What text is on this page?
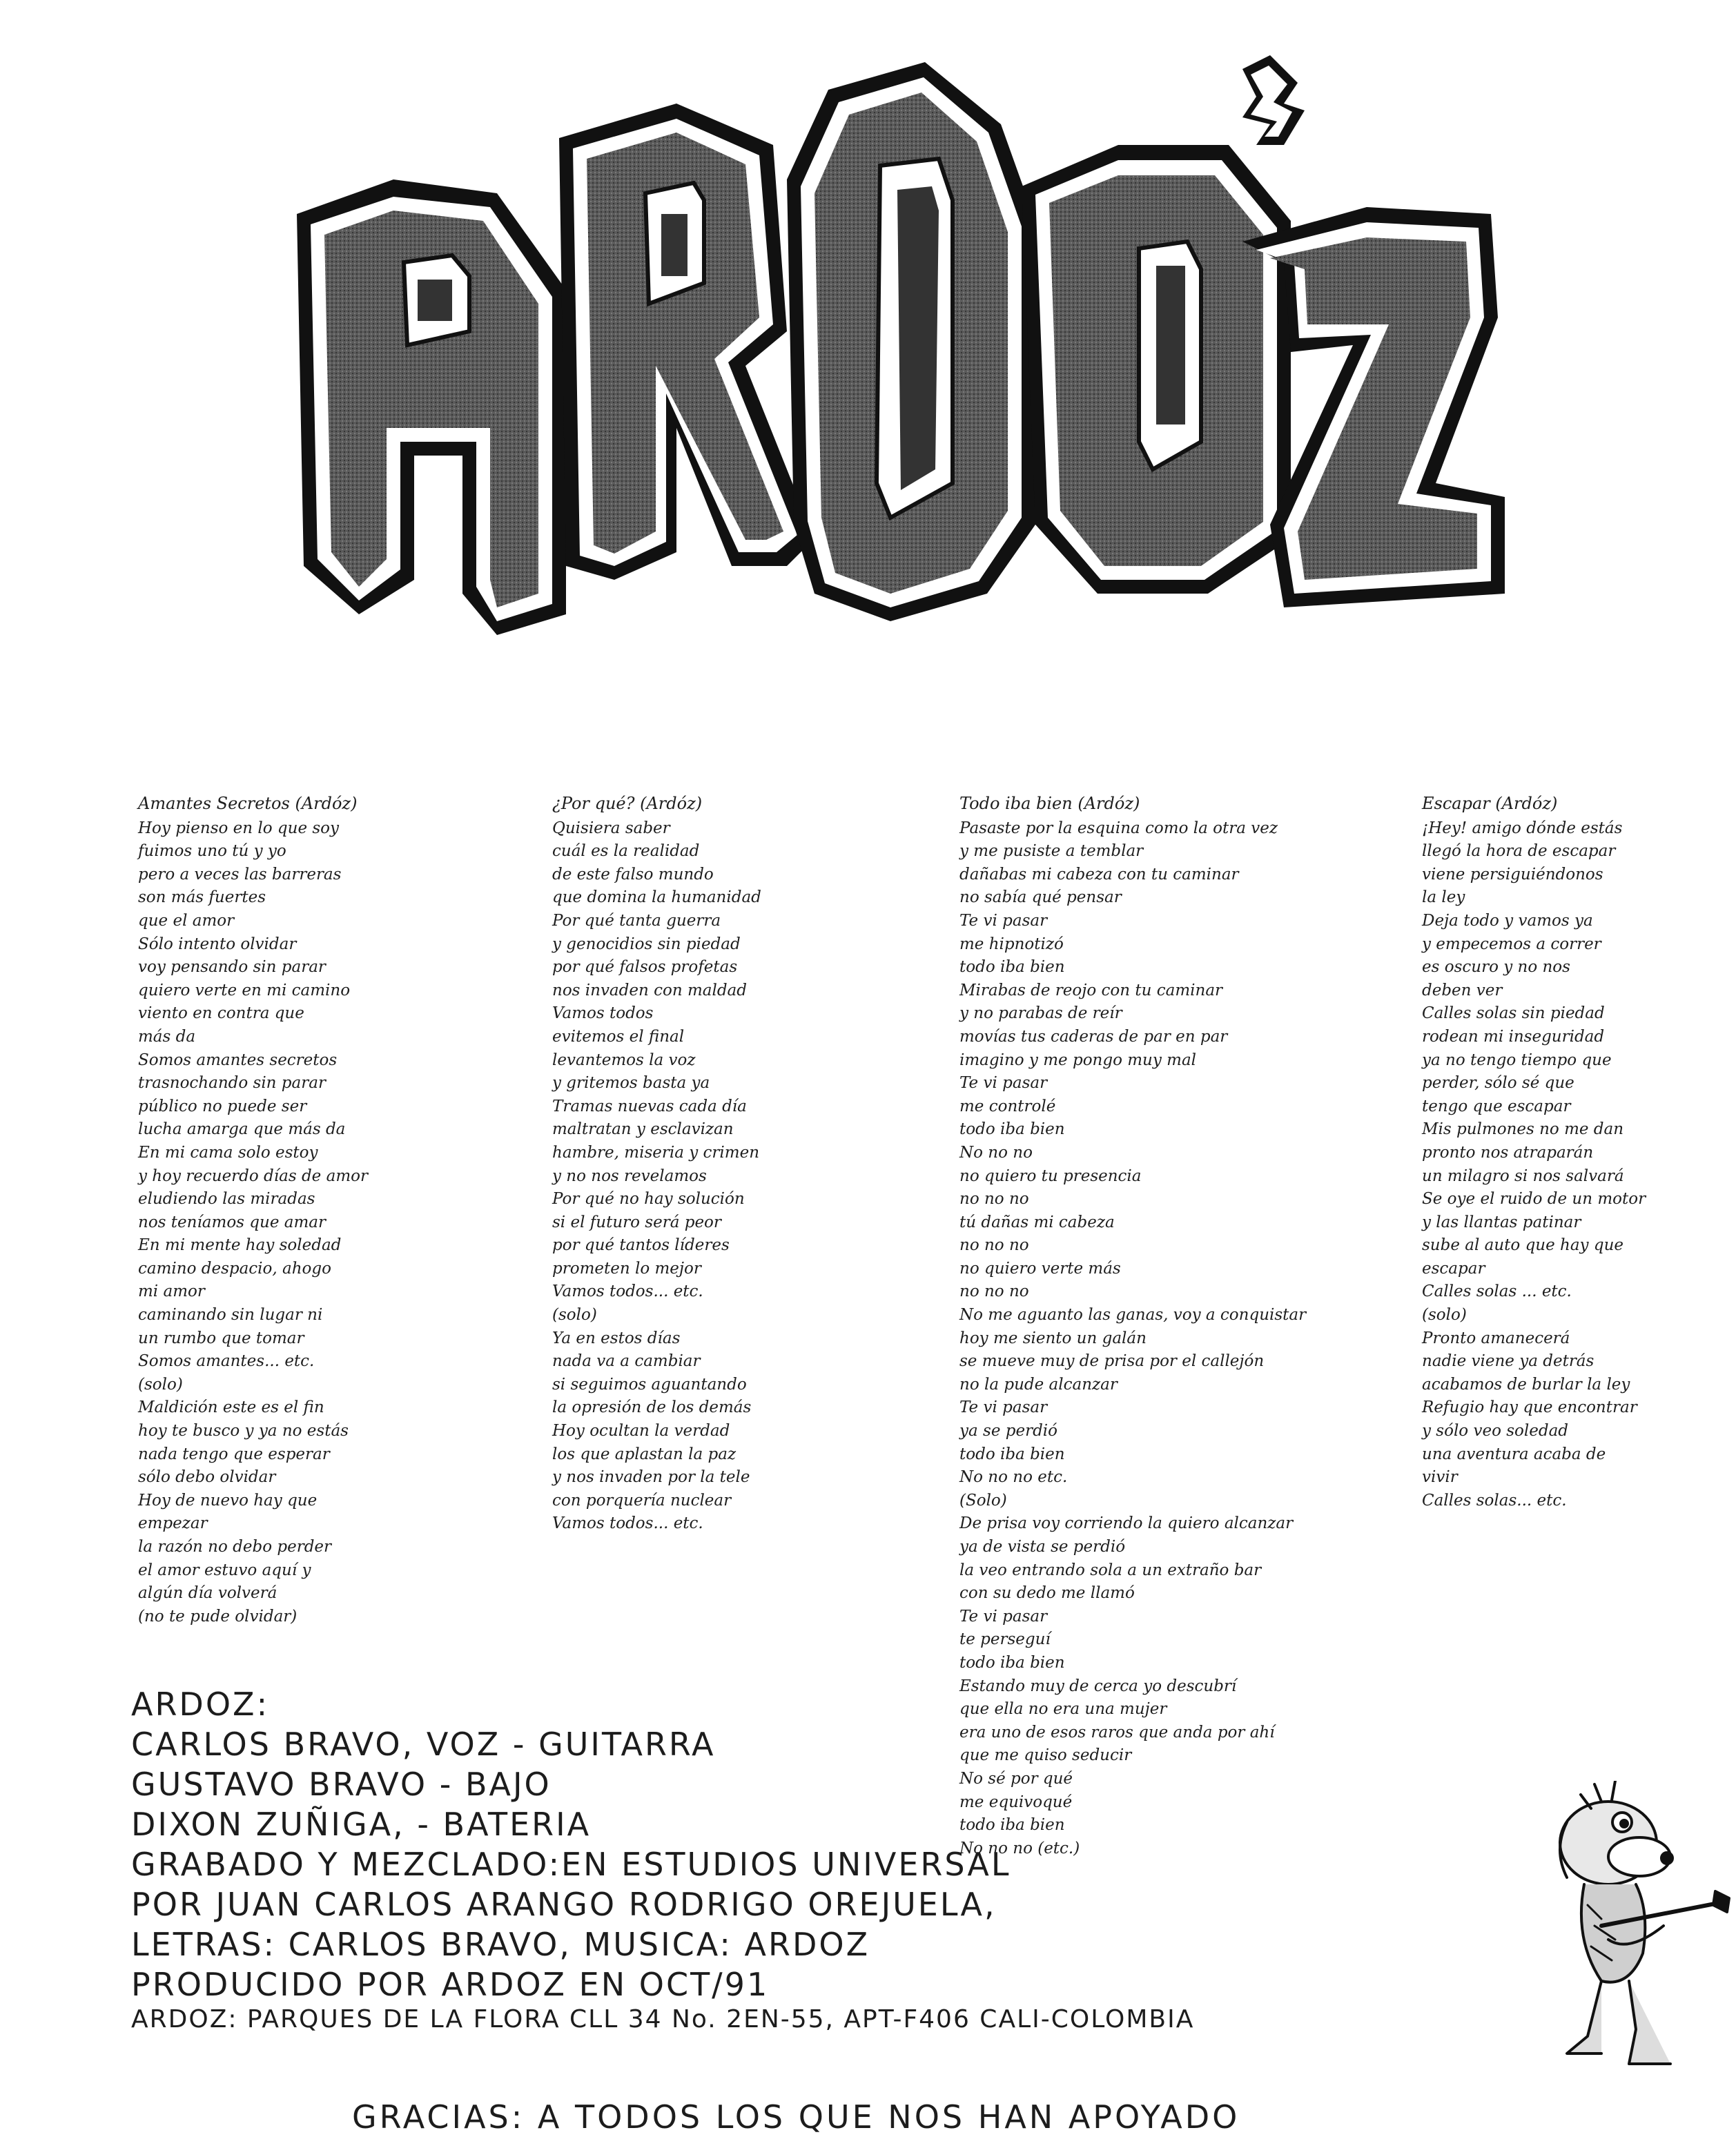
Amantes Secretos (Ardóz)
Hoy pienso en lo que soy
fuimos uno tú y yo
pero a veces las barreras
son más fuertes
que el amor
Sólo intento olvidar
voy pensando sin parar
quiero verte en mi camino
viento en contra que
más da
Somos amantes secretos
trasnochando sin parar
público no puede ser
lucha amarga que más da
En mi cama solo estoy
y hoy recuerdo días de amor
eludiendo las miradas
nos teníamos que amar
En mi mente hay soledad
camino despacio, ahogo
mi amor
caminando sin lugar ni
un rumbo que tomar
Somos amantes... etc.
(solo)
Maldición este es el fin
hoy te busco y ya no estás
nada tengo que esperar
sólo debo olvidar
Hoy de nuevo hay que
empezar
la razón no debo perder
el amor estuvo aquí y
algún día volverá
(no te pude olvidar)
¿Por qué? (Ardóz)
Quisiera saber
cuál es la realidad
de este falso mundo
que domina la humanidad
Por qué tanta guerra
y genocidios sin piedad
por qué falsos profetas
nos invaden con maldad
Vamos todos
evitemos el final
levantemos la voz
y gritemos basta ya
Tramas nuevas cada día
maltratan y esclavizan
hambre, miseria y crimen
y no nos revelamos
Por qué no hay solución
si el futuro será peor
por qué tantos líderes
prometen lo mejor
Vamos todos... etc.
(solo)
Ya en estos días
nada va a cambiar
si seguimos aguantando
la opresión de los demás
Hoy ocultan la verdad
los que aplastan la paz
y nos invaden por la tele
con porquería nuclear
Vamos todos... etc.
Todo iba bien (Ardóz)
Pasaste por la esquina como la otra vez
y me pusiste a temblar
dañabas mi cabeza con tu caminar
no sabía qué pensar
Te vi pasar
me hipnotizó
todo iba bien
Mirabas de reojo con tu caminar
y no parabas de reír
movías tus caderas de par en par
imagino y me pongo muy mal
Te vi pasar
me controlé
todo iba bien
No no no
no quiero tu presencia
no no no
tú dañas mi cabeza
no no no
no quiero verte más
no no no
No me aguanto las ganas, voy a conquistar
hoy me siento un galán
se mueve muy de prisa por el callejón
no la pude alcanzar
Te vi pasar
ya se perdió
todo iba bien
No no no etc.
(Solo)
De prisa voy corriendo la quiero alcanzar
ya de vista se perdió
la veo entrando sola a un extraño bar
con su dedo me llamó
Te vi pasar
te perseguí
todo iba bien
Estando muy de cerca yo descubrí
que ella no era una mujer
era uno de esos raros que anda por ahí
que me quiso seducir
No sé por qué
me equivoqué
todo iba bien
No no no (etc.)
Escapar (Ardóz)
¡Hey! amigo dónde estás
llegó la hora de escapar
viene persiguiéndonos
la ley
Deja todo y vamos ya
y empecemos a correr
es oscuro y no nos
deben ver
Calles solas sin piedad
rodean mi inseguridad
ya no tengo tiempo que
perder, sólo sé que
tengo que escapar
Mis pulmones no me dan
pronto nos atraparán
un milagro si nos salvará
Se oye el ruido de un motor
y las llantas patinar
sube al auto que hay que
escapar
Calles solas ... etc.
(solo)
Pronto amanecerá
nadie viene ya detrás
acabamos de burlar la ley
Refugio hay que encontrar
y sólo veo soledad
una aventura acaba de
vivir
Calles solas... etc.
ARDOZ:
CARLOS BRAVO, VOZ - GUITARRA
GUSTAVO BRAVO - BAJO
DIXON ZUÑIGA, - BATERIA
GRABADO Y MEZCLADO:EN ESTUDIOS UNIVERSAL
POR JUAN CARLOS ARANGO RODRIGO OREJUELA,
LETRAS: CARLOS BRAVO, MUSICA: ARDOZ
PRODUCIDO POR ARDOZ EN OCT/91
ARDOZ: PARQUES DE LA FLORA CLL 34 No. 2EN-55, APT-F406 CALI-COLOMBIA
GRACIAS: A TODOS LOS QUE NOS HAN APOYADO
